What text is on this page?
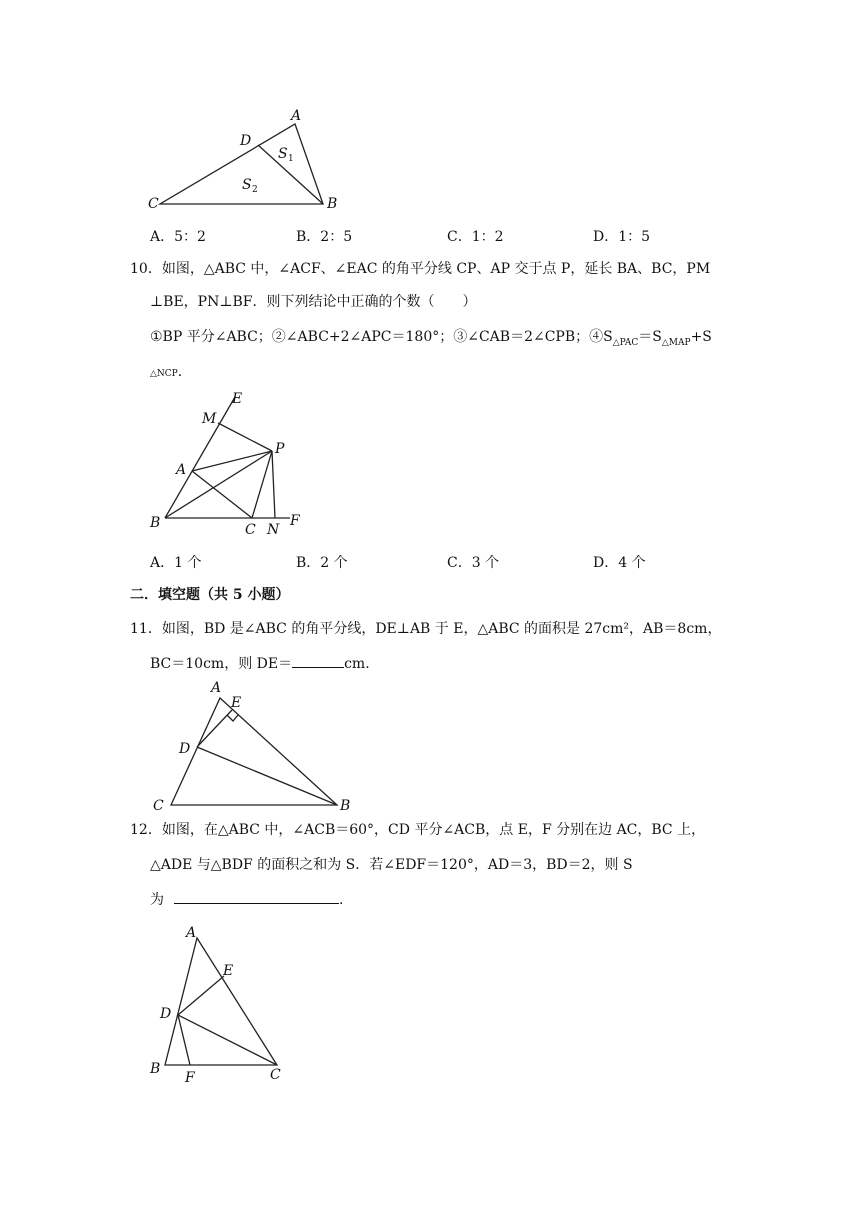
A
D
C	B
S 1
S 2
A．5：2	B．2：5	C．1：2	D．1：5
10．如图，△ABC 中，∠ACF、∠EAC 的角平分线 CP、AP 交于点 P，延长 BA、BC，PM
⊥BE，PN⊥BF．则下列结论中正确的个数（　　）
①BP 平分∠ABC；②∠ABC+2∠APC＝180°；③∠CAB＝2∠CPB；$④S_{\triangle PAC}=S_{\triangle MAP}+S$
△NCP.
E
M
P
A
B	C N
F
A．1 个	B．2 个	C．3 个	D．4 个
二．填空题（共 5 小题）
11．如图，BD 是∠ABC 的角平分线，DE⊥AB 于 E，△ABC 的面积是 27cm²，AB＝8cm，
BC＝10cm，则 DE＝	cm.
A
E
D
C	B
12．如图，在△ABC 中，∠ACB＝60°，CD 平分∠ACB，点 E，F 分别在边 AC，BC 上，
△ADE 与△BDF 的面积之和为 S．若∠EDF＝120°，AD＝3，BD＝2，则 S
为	.
A
E
D
B
F	C
